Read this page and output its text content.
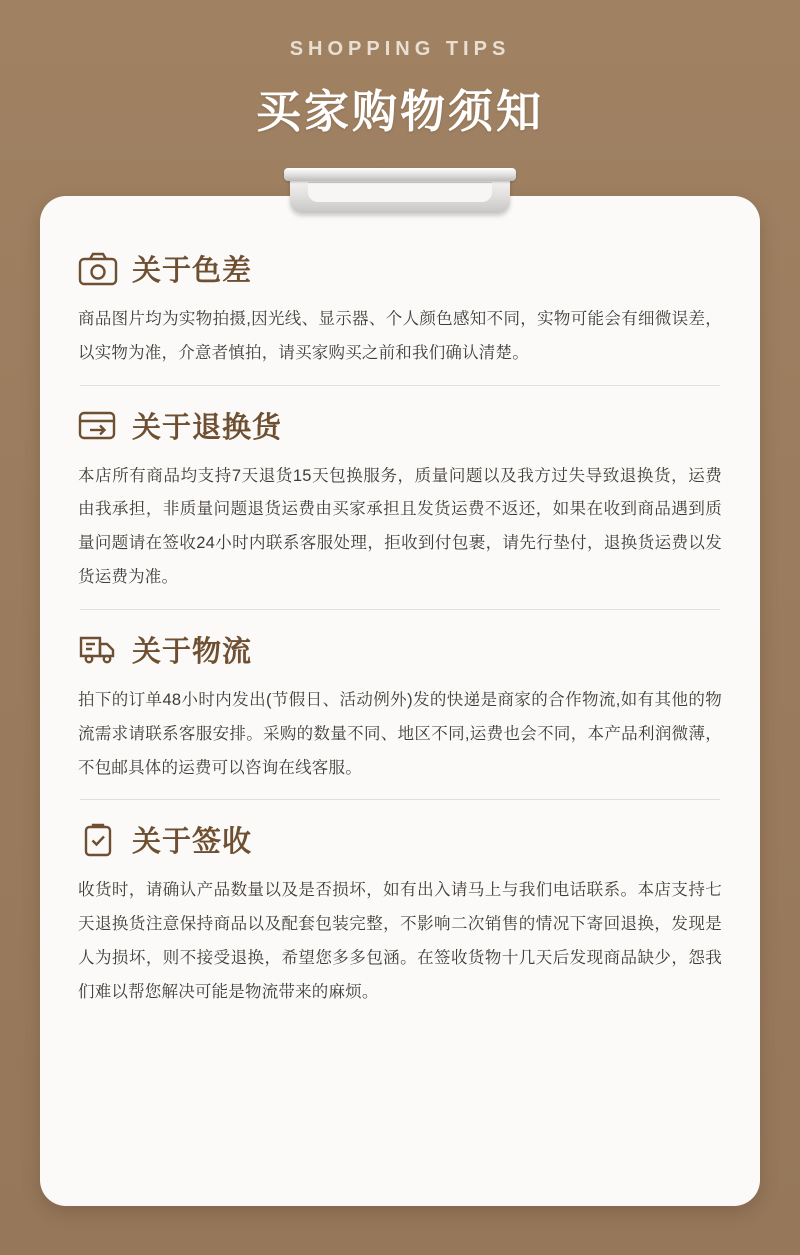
SHOPPING TIPS
买家购物须知
关于色差
商品图片均为实物拍摄,因光线、显示器、个人颜色感知不同，实物可能会有细微误差，以实物为准，介意者慎拍，请买家购买之前和我们确认清楚。
关于退换货
本店所有商品均支持7天退货15天包换服务，质量问题以及我方过失导致退换货，运费由我承担，非质量问题退货运费由买家承担且发货运费不返还，如果在收到商品遇到质量问题请在签收24小时内联系客服处理，拒收到付包裹，请先行垫付，退换货运费以发货运费为准。
关于物流
拍下的订单48小时内发出(节假日、活动例外)发的快递是商家的合作物流,如有其他的物流需求请联系客服安排。采购的数量不同、地区不同,运费也会不同，本产品利润微薄，不包邮具体的运费可以咨询在线客服。
关于签收
收货时，请确认产品数量以及是否损坏，如有出入请马上与我们电话联系。本店支持七天退换货注意保持商品以及配套包装完整，不影响二次销售的情况下寄回退换，发现是人为损坏，则不接受退换，希望您多多包涵。在签收货物十几天后发现商品缺少，怨我们难以帮您解决可能是物流带来的麻烦。
